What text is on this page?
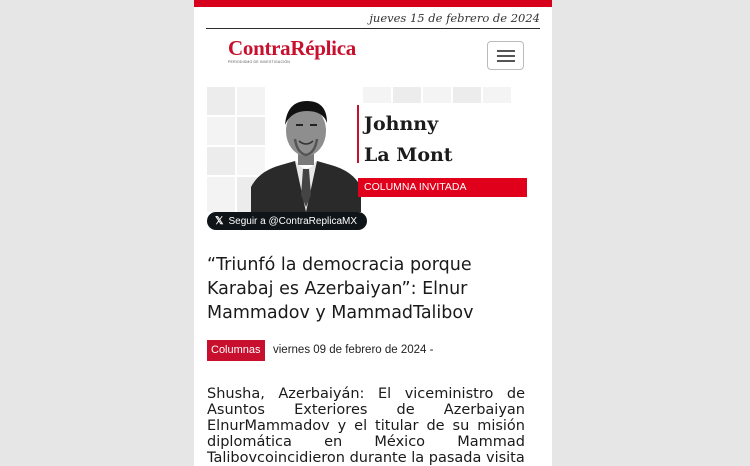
jueves 15 de febrero de 2024
ContraRéplica
PERIODISMO DE INVESTIGACIÓN
Johnny
La Mont
COLUMNA INVITADA
𝕏 Seguir a @ContraReplicaMX
“Triunfó la democracia porque Karabaj es Azerbaiyan”: Elnur Mammadov y MammadTalibov
Columnas	viernes 09 de febrero de 2024 -
Shusha, Azerbaiyán: El viceministro de Asuntos Exteriores de Azerbaiyan ElnurMammadov y el titular de su misión diplomática en México Mammad Talibovcoincidieron durante la pasada visita
